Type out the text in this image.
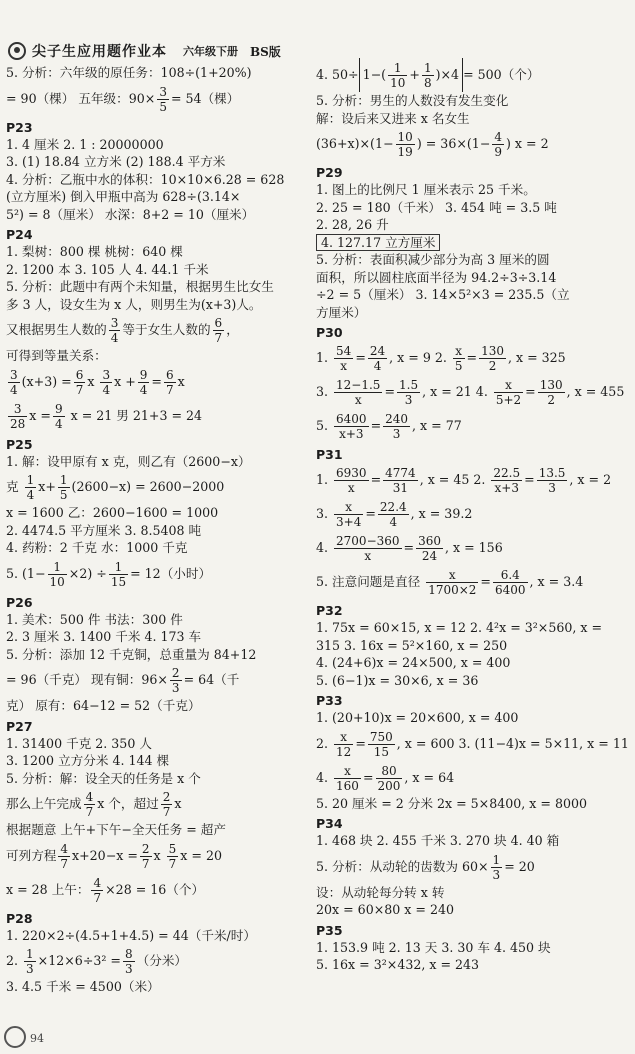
尖子生应用题作业本 六年级下册 BS版
5. 分析：六年级的原任务：108÷(1+20%)
= 90（棵） 五年级：$90\times \frac{3}{5} = 54$（棵）
P23
1. 4 厘米 2. 1 : 20000000
3. (1) 18.84 立方米 (2) 188.4 平方米
4. 分析：乙瓶中水的体积：10×10×6.28 = 628
(立方厘米) 倒入甲瓶中高为 628÷(3.14×
5²) = 8（厘米） 水深：8+2 = 10（厘米）
P24
1. 梨树：800 棵 桃树：640 棵
2. 1200 本 3. 105 人 4. 44.1 千米
5. 分析：此题中有两个未知量，根据男生比女生
多 3 人，设女生为 x 人，则男生为(x+3)人。
又根据男生人数的 $\frac{3}{4}$ 等于女生人数的 $\frac{6}{7}$ ，
可得到等量关系：
$\frac{3}{4} (x+3) = \frac{6}{7}$ x $\frac{3}{4}$ $x + \frac{9}{4} = \frac{6}{7}$ x
$\frac{3}{28}$ $x = \frac{9}{4}$ x = 21 男 21+3 = 24
P25
1. 解：设甲原有 x 克，则乙有（2600−x）
克 $\frac{1}{4} x+ \frac{1}{5} (2600-x) = 2600-2000$
x = 1600 乙：2600−1600 = 1000
2. 4474.5 平方厘米 3. 8.5408 吨
4. 药粉：2 千克 水：1000 千克
5. $(1- \frac{1}{10} \times 2) \div \frac{1}{15} = 12$（小时）
P26
1. 美术：500 件 书法：300 件
2. 3 厘米 3. 1400 千米 4. 173 车
5. 分析：添加 12 千克铜，总重量为 84+12
= 96（千克） 现有铜：$96\times \frac{2}{3} = 64$（千
克） 原有：64−12 = 52（千克）
P27
1. 31400 千克 2. 350 人
3. 1200 立方分米 4. 144 棵
5. 分析：解：设全天的任务是 x 个
那么上午完成 $\frac{4}{7}$ x 个，超过 $\frac{2}{7}$ x
根据题意 上午+下午−全天任务 = 超产
可列方程 $\frac{4}{7} x+20-x = \frac{2}{7}$ x $\frac{5}{7}$ x = 20
x = 28 上午： $\frac{4}{7} \times 28 = 16$（个）
P28
1. 220×2÷(4.5+1+4.5) = 44（千米/时）
2. $\frac{1}{3} \times 12\times 6\div 3^2 = \frac{8}{3}$ （分米）
3. 4.5 千米 = 4500（米）
4. $50\div 1-( \frac{1}{10} + \frac{1}{8} )\times 4 = 500$（个）
5. 分析：男生的人数没有发生变化
解：设后来又进来 x 名女生
$(36+x)\times(1- \frac{10}{19}$ ) = $36\times(1- \frac{4}{9}$ ) x = 2
P29
1. 图上的比例尺 1 厘米表示 25 千米。
2. 25 = 180（千米） 3. 454 吨 = 3.5 吨
2. 28, 26 升
4. 127.17 立方厘米
5. 分析：表面积减少部分为高 3 厘米的圆
面积，所以圆柱底面半径为 94.2÷3÷3.14
÷2 = 5（厘米） 3. 14×5²×3 = 235.5（立
方厘米）
P30
1. $\frac{54}{x} = \frac{24}{4}$ , x = 9 2. $\frac{x}{5} = \frac{130}{2}$ , x = 325
3. $\frac{12-1.5}{x} = \frac{1.5}{3}$ , x = 21 4. $\frac{x}{5+2} = \frac{130}{2}$ , x = 455
5. $\frac{6400}{x+3} = \frac{240}{3}$ , x = 77
P31
1. $\frac{6930}{x} = \frac{4774}{31}$ , x = 45 2. $\frac{22.5}{x+3} = \frac{13.5}{3}$ , x = 2
3. $\frac{x}{3+4} = \frac{22.4}{4}$ , x = 39.2
4. $\frac{2700-360}{x} = \frac{360}{24}$ , x = 156
5. 注意问题是直径 $\frac{x}{1700\times 2} = \frac{6.4}{6400}$ , x = 3.4
P32
1. 75x = 60×15, x = 12 2. 4²x = 3²×560, x =
315 3. 16x = 5²×160, x = 250
4. (24+6)x = 24×500, x = 400
5. (6−1)x = 30×6, x = 36
P33
1. (20+10)x = 20×600, x = 400
2. $\frac{x}{12} = \frac{750}{15}$ , x = 600 3. (11−4)x = 5×11, x = 11
4. $\frac{x}{160} = \frac{80}{200}$ , x = 64
5. 20 厘米 = 2 分米 2x = 5×8400, x = 8000
P34
1. 468 块 2. 455 千米 3. 270 块 4. 40 箱
5. 分析：从动轮的齿数为 $60\times \frac{1}{3} = 20$
设：从动轮每分转 x 转
20x = 60×80 x = 240
P35
1. 153.9 吨 2. 13 天 3. 30 车 4. 450 块
5. 16x = 3²×432, x = 243
94
